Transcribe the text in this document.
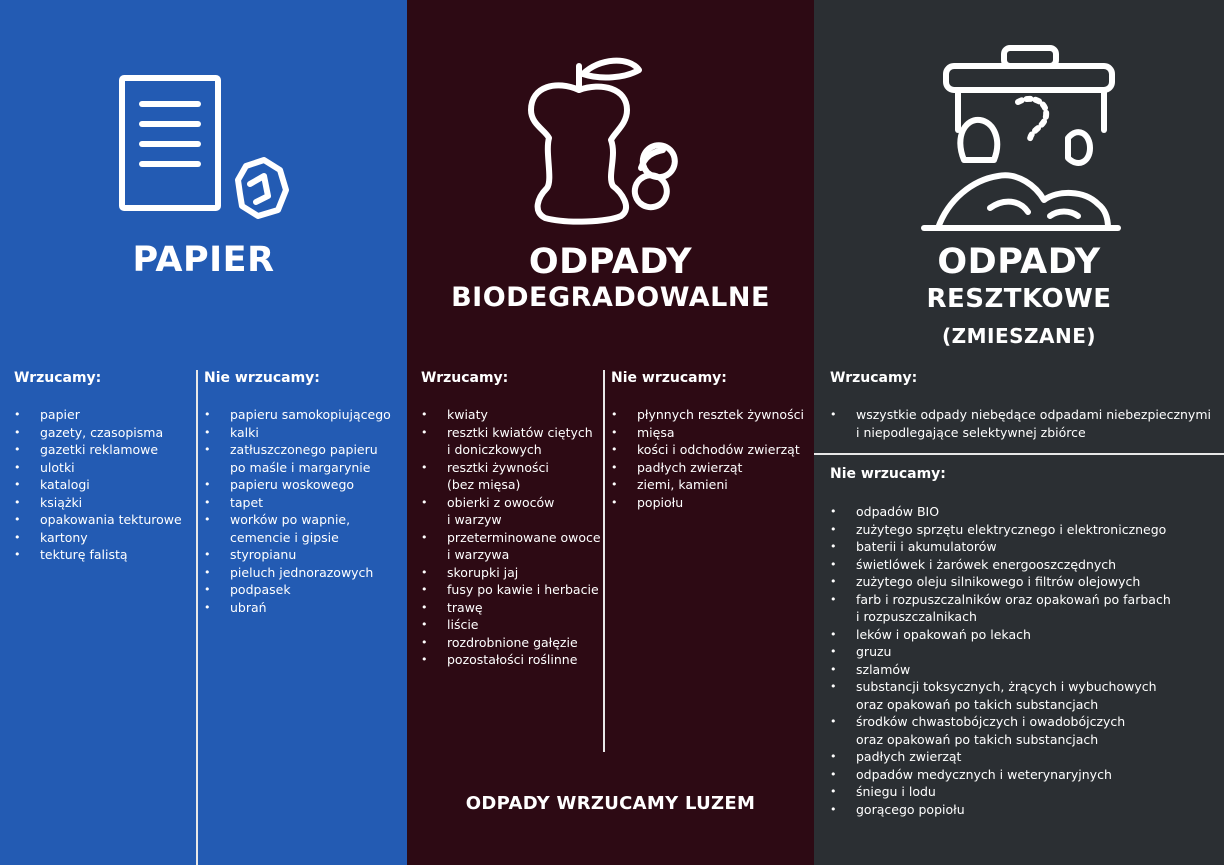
PAPIER
Wrzucamy:
• papier
• gazety, czasopisma
• gazetki reklamowe
• ulotki
• katalogi
• książki
• opakowania tekturowe
• kartony
• tekturę falistą
Nie wrzucamy:
• papieru samokopiującego
• kalki
• zatłuszczonego papieru
po maśle i margarynie
• papieru woskowego
• tapet
• worków po wapnie,
cemencie i gipsie
• styropianu
• pieluch jednorazowych
• podpasek
• ubrań
ODPADY
BIODEGRADOWALNE
Wrzucamy:
• kwiaty
• resztki kwiatów ciętych
i doniczkowych
• resztki żywności
(bez mięsa)
• obierki z owoców
i warzyw
• przeterminowane owoce
i warzywa
• skorupki jaj
• fusy po kawie i herbacie
• trawę
• liście
• rozdrobnione gałęzie
• pozostałości roślinne
Nie wrzucamy:
• płynnych resztek żywności
• mięsa
• kości i odchodów zwierząt
• padłych zwierząt
• ziemi, kamieni
• popiołu
ODPADY WRZUCAMY LUZEM
ODPADY
RESZTKOWE
(ZMIESZANE)
Wrzucamy:
• wszystkie odpady niebędące odpadami niebezpiecznymi
i niepodlegające selektywnej zbiórce
Nie wrzucamy:
• odpadów BIO
• zużytego sprzętu elektrycznego i elektronicznego
• baterii i akumulatorów
• świetlówek i żarówek energooszczędnych
• zużytego oleju silnikowego i filtrów olejowych
• farb i rozpuszczalników oraz opakowań po farbach
i rozpuszczalnikach
• leków i opakowań po lekach
• gruzu
• szlamów
• substancji toksycznych, żrących i wybuchowych
oraz opakowań po takich substancjach
• środków chwastobójczych i owadobójczych
oraz opakowań po takich substancjach
• padłych zwierząt
• odpadów medycznych i weterynaryjnych
• śniegu i lodu
• gorącego popiołu
